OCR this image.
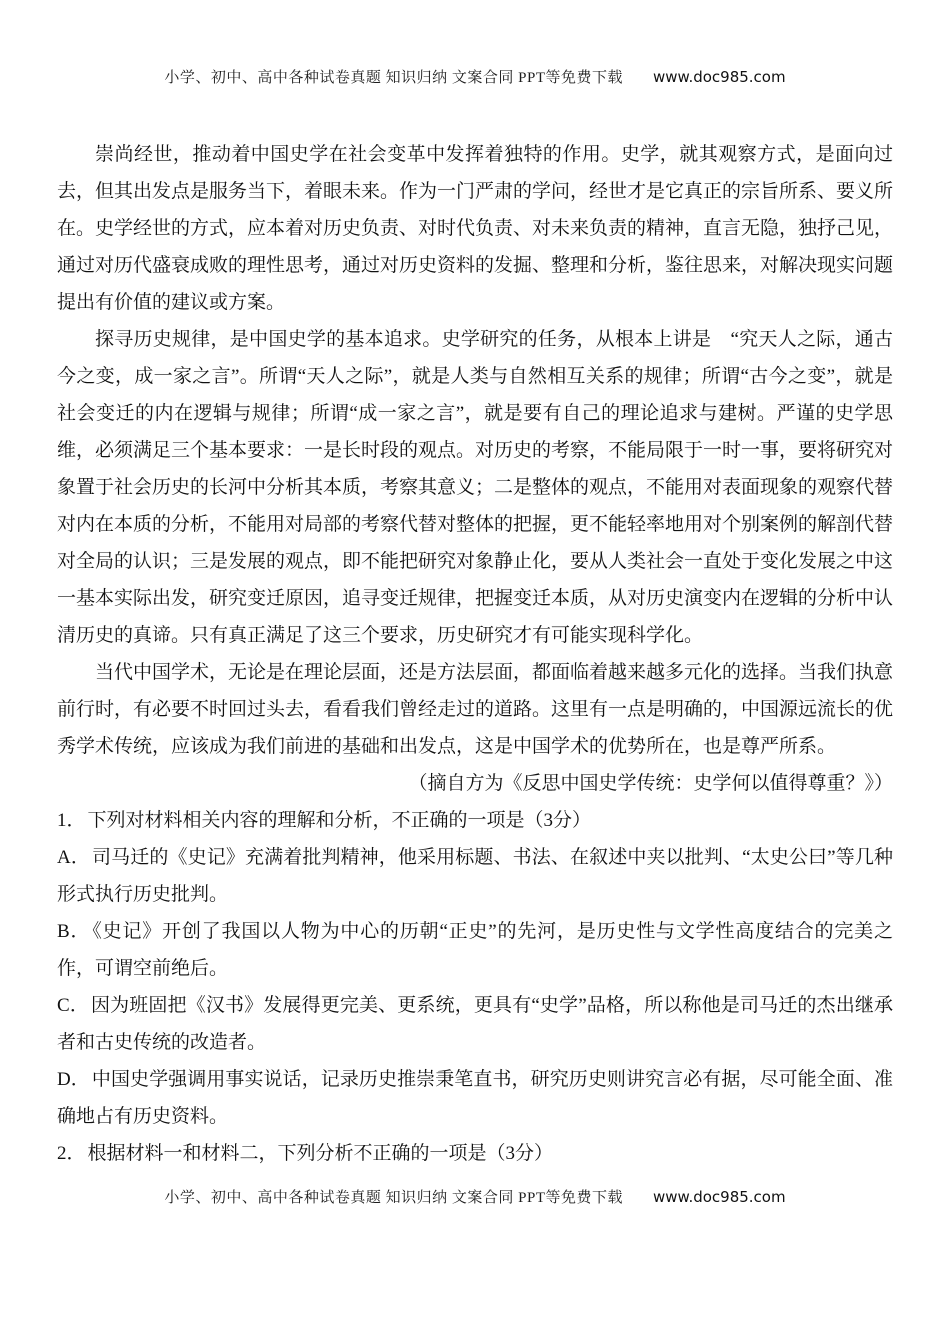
小学、初中、高中各种试卷真题 知识归纳 文案合同 PPT等免费下载 www.doc985.com

崇尚经世，推动着中国史学在社会变革中发挥着独特的作用。史学，就其观察方式，是面向过去，但其出发点是服务当下，着眼未来。作为一门严肃的学问，经世才是它真正的宗旨所系、要义所在。史学经世的方式，应本着对历史负责、对时代负责、对未来负责的精神，直言无隐，独抒己见，通过对历代盛衰成败的理性思考，通过对历史资料的发掘、整理和分析，鉴往思来，对解决现实问题提出有价值的建议或方案。

探寻历史规律，是中国史学的基本追求。史学研究的任务，从根本上讲是　“究天人之际，通古今之变，成一家之言”。所谓“天人之际”，就是人类与自然相互关系的规律；所谓“古今之变”，就是社会变迁的内在逻辑与规律；所谓“成一家之言”，就是要有自己的理论追求与建树。严谨的史学思维，必须满足三个基本要求：一是长时段的观点。对历史的考察，不能局限于一时一事，要将研究对象置于社会历史的长河中分析其本质，考察其意义；二是整体的观点，不能用对表面现象的观察代替对内在本质的分析，不能用对局部的考察代替对整体的把握，更不能轻率地用对个别案例的解剖代替对全局的认识；三是发展的观点，即不能把研究对象静止化，要从人类社会一直处于变化发展之中这一基本实际出发，研究变迁原因，追寻变迁规律，把握变迁本质，从对历史演变内在逻辑的分析中认清历史的真谛。只有真正满足了这三个要求，历史研究才有可能实现科学化。

当代中国学术，无论是在理论层面，还是方法层面，都面临着越来越多元化的选择。当我们执意前行时，有必要不时回过头去，看看我们曾经走过的道路。这里有一点是明确的，中国源远流长的优秀学术传统，应该成为我们前进的基础和出发点，这是中国学术的优势所在，也是尊严所系。

（摘自方为《反思中国史学传统：史学何以值得尊重？》）

1． 下列对材料相关内容的理解和分析，不正确的一项是（3分）

A． 司马迁的《史记》充满着批判精神，他采用标题、书法、在叙述中夹以批判、“太史公曰”等几种形式执行历史批判。

B． 《史记》开创了我国以人物为中心的历朝“正史”的先河，是历史性与文学性高度结合的完美之作，可谓空前绝后。

C． 因为班固把《汉书》发展得更完美、更系统，更具有“史学”品格，所以称他是司马迁的杰出继承者和古史传统的改造者。

D． 中国史学强调用事实说话，记录历史推崇秉笔直书，研究历史则讲究言必有据，尽可能全面、准确地占有历史资料。

2． 根据材料一和材料二，下列分析不正确的一项是（3分）

小学、初中、高中各种试卷真题 知识归纳 文案合同 PPT等免费下载 www.doc985.com
